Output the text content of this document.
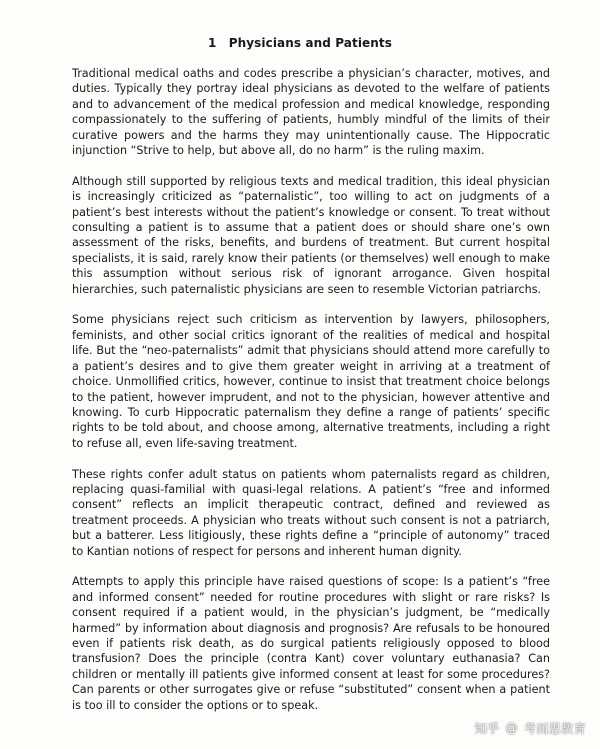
1 Physicians and Patients

Traditional medical oaths and codes prescribe a physician’s character, motives, and duties. Typically they portray ideal physicians as devoted to the welfare of patients and to advancement of the medical profession and medical knowledge, responding compassionately to the suffering of patients, humbly mindful of the limits of their curative powers and the harms they may unintentionally cause. The Hippocratic injunction “Strive to help, but above all, do no harm” is the ruling maxim.

Although still supported by religious texts and medical tradition, this ideal physician is increasingly criticized as “paternalistic”, too willing to act on judgments of a patient’s best interests without the patient’s knowledge or consent. To treat without consulting a patient is to assume that a patient does or should share one’s own assessment of the risks, benefits, and burdens of treatment. But current hospital specialists, it is said, rarely know their patients (or themselves) well enough to make this assumption without serious risk of ignorant arrogance. Given hospital hierarchies, such paternalistic physicians are seen to resemble Victorian patriarchs.

Some physicians reject such criticism as intervention by lawyers, philosophers, feminists, and other social critics ignorant of the realities of medical and hospital life. But the “neo-paternalists” admit that physicians should attend more carefully to a patient’s desires and to give them greater weight in arriving at a treatment of choice. Unmollified critics, however, continue to insist that treatment choice belongs to the patient, however imprudent, and not to the physician, however attentive and knowing. To curb Hippocratic paternalism they define a range of patients’ specific rights to be told about, and choose among, alternative treatments, including a right to refuse all, even life-saving treatment.

These rights confer adult status on patients whom paternalists regard as children, replacing quasi-familial with quasi-legal relations. A patient’s “free and informed consent” reflects an implicit therapeutic contract, defined and reviewed as treatment proceeds. A physician who treats without such consent is not a patriarch, but a batterer. Less litigiously, these rights define a “principle of autonomy” traced to Kantian notions of respect for persons and inherent human dignity.

Attempts to apply this principle have raised questions of scope: Is a patient’s “free and informed consent” needed for routine procedures with slight or rare risks? Is consent required if a patient would, in the physician’s judgment, be “medically harmed” by information about diagnosis and prognosis? Are refusals to be honoured even if patients risk death, as do surgical patients religiously opposed to blood transfusion? Does the principle (contra Kant) cover voluntary euthanasia? Can children or mentally ill patients give informed consent at least for some procedures? Can parents or other surrogates give or refuse “substituted” consent when a patient is too ill to consider the options or to speak.

知乎 @ 考而思教育
